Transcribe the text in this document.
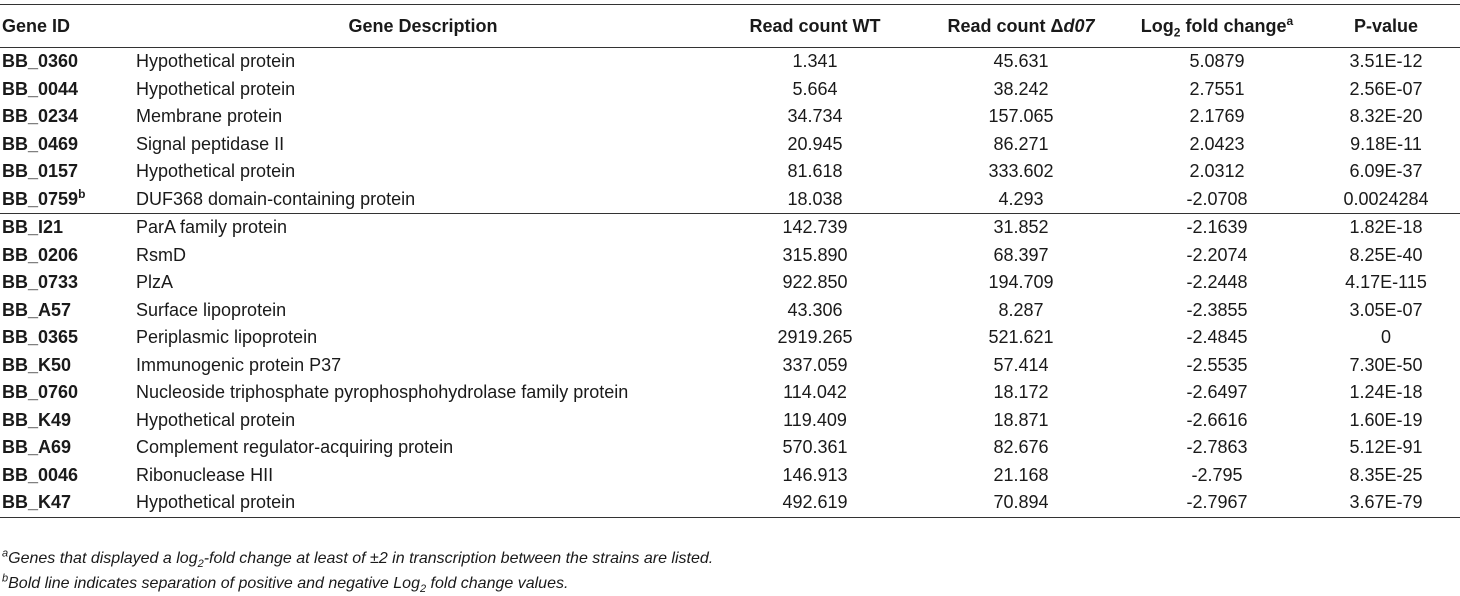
Gene ID	Gene Description	Read count WT	Read count Δd07	Log$_2$ fold change$^a$	P-value
BB_0360	Hypothetical protein	1.341	45.631	5.0879	3.51E-12
BB_0044	Hypothetical protein	5.664	38.242	2.7551	2.56E-07
BB_0234	Membrane protein	34.734	157.065	2.1769	8.32E-20
BB_0469	Signal peptidase II	20.945	86.271	2.0423	9.18E-11
BB_0157	Hypothetical protein	81.618	333.602	2.0312	6.09E-37
BB_0759$^b$	DUF368 domain-containing protein	18.038	4.293	-2.0708	0.0024284
BB_I21	ParA family protein	142.739	31.852	-2.1639	1.82E-18
BB_0206	RsmD	315.890	68.397	-2.2074	8.25E-40
BB_0733	PlzA	922.850	194.709	-2.2448	4.17E-115
BB_A57	Surface lipoprotein	43.306	8.287	-2.3855	3.05E-07
BB_0365	Periplasmic lipoprotein	2919.265	521.621	-2.4845	0
BB_K50	Immunogenic protein P37	337.059	57.414	-2.5535	7.30E-50
BB_0760	Nucleoside triphosphate pyrophosphohydrolase family protein	114.042	18.172	-2.6497	1.24E-18
BB_K49	Hypothetical protein	119.409	18.871	-2.6616	1.60E-19
BB_A69	Complement regulator-acquiring protein	570.361	82.676	-2.7863	5.12E-91
BB_0046	Ribonuclease HII	146.913	21.168	-2.795	8.35E-25
BB_K47	Hypothetical protein	492.619	70.894	-2.7967	3.67E-79
$^a$Genes that displayed a $\log_2$-fold change at least of ±2 in transcription between the strains are listed.
$^b$Bold line indicates separation of positive and negative Log$_2$ fold change values.
